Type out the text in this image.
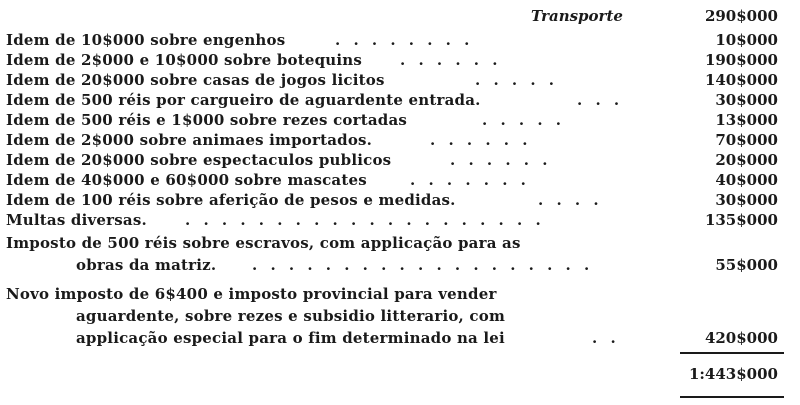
Transporte	290$000
Idem de 10$000 sobre engenhos	. . . . . . . .	10$000
Idem de 2$000 e 10$000 sobre botequins	. . . . . .	190$000
Idem de 20$000 sobre casas de jogos licitos	. . . . .	140$000
Idem de 500 réis por cargueiro de aguardente entrada.	. . .	30$000
Idem de 500 réis e 1$000 sobre rezes cortadas	. . . . .	13$000
Idem de 2$000 sobre animaes importados.	. . . . . .	70$000
Idem de 20$000 sobre espectaculos publicos	. . . . . .	20$000
Idem de 40$000 e 60$000 sobre mascates	. . . . . . .	40$000
Idem de 100 réis sobre aferição de pesos e medidas.	. . . .	30$000
Multas diversas.	. . . . . . . . . . . . . . . . . . . .	135$000
Imposto de 500 réis sobre escravos, com applicação para as
obras da matriz. . . . . . . . . . . . . . . . . . . .	55$000
Novo imposto de 6$400 e imposto provincial para vender
aguardente, sobre rezes e subsidio litterario, com
applicação especial para o fim determinado na lei	. .	420$000
1:443$000
